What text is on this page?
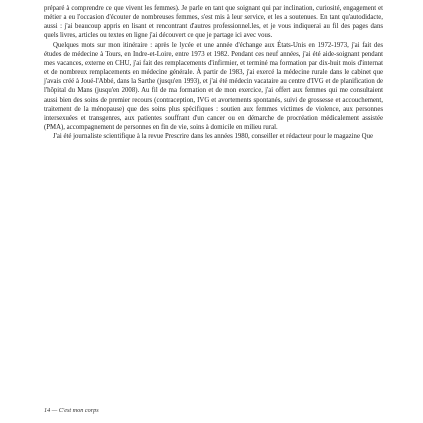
préparé à comprendre ce que vivent les femmes). Je parle en tant que soignant qui par inclination, curiosité, engagement et métier a eu l'occasion d'écouter de nombreuses femmes, s'est mis à leur service, et les a soutenues. En tant qu'autodidacte, aussi : j'ai beaucoup appris en lisant et rencontrant d'autres professionnel.les, et je vous indiquerai au fil des pages dans quels livres, articles ou textes en ligne j'ai découvert ce que je partage ici avec vous.

Quelques mots sur mon itinéraire : après le lycée et une année d'échange aux États-Unis en 1972-1973, j'ai fait des études de médecine à Tours, en Indre-et-Loire, entre 1973 et 1982. Pendant ces neuf années, j'ai été aide-soignant pendant mes vacances, externe en CHU, j'ai fait des remplacements d'infirmier, et terminé ma formation par dix-huit mois d'internat et de nombreux remplacements en médecine générale. À partir de 1983, j'ai exercé la médecine rurale dans le cabinet que j'avais créé à Joué-l'Abbé, dans la Sarthe (jusqu'en 1993), et j'ai été médecin vacataire au centre d'IVG et de planification de l'hôpital du Mans (jusqu'en 2008). Au fil de ma formation et de mon exercice, j'ai offert aux femmes qui me consultaient aussi bien des soins de premier recours (contraception, IVG et avortements spontanés, suivi de grossesse et accouchement, traitement de la ménopause) que des soins plus spécifiques : soutien aux femmes victimes de violence, aux personnes intersexuées et transgenres, aux patientes souffrant d'un cancer ou en démarche de procréation médicalement assistée (PMA), accompagnement de personnes en fin de vie, soins à domicile en milieu rural.

J'ai été journaliste scientifique à la revue Prescrire dans les années 1980, conseiller et rédacteur pour le magazine Que

14 — C'est mon corps
